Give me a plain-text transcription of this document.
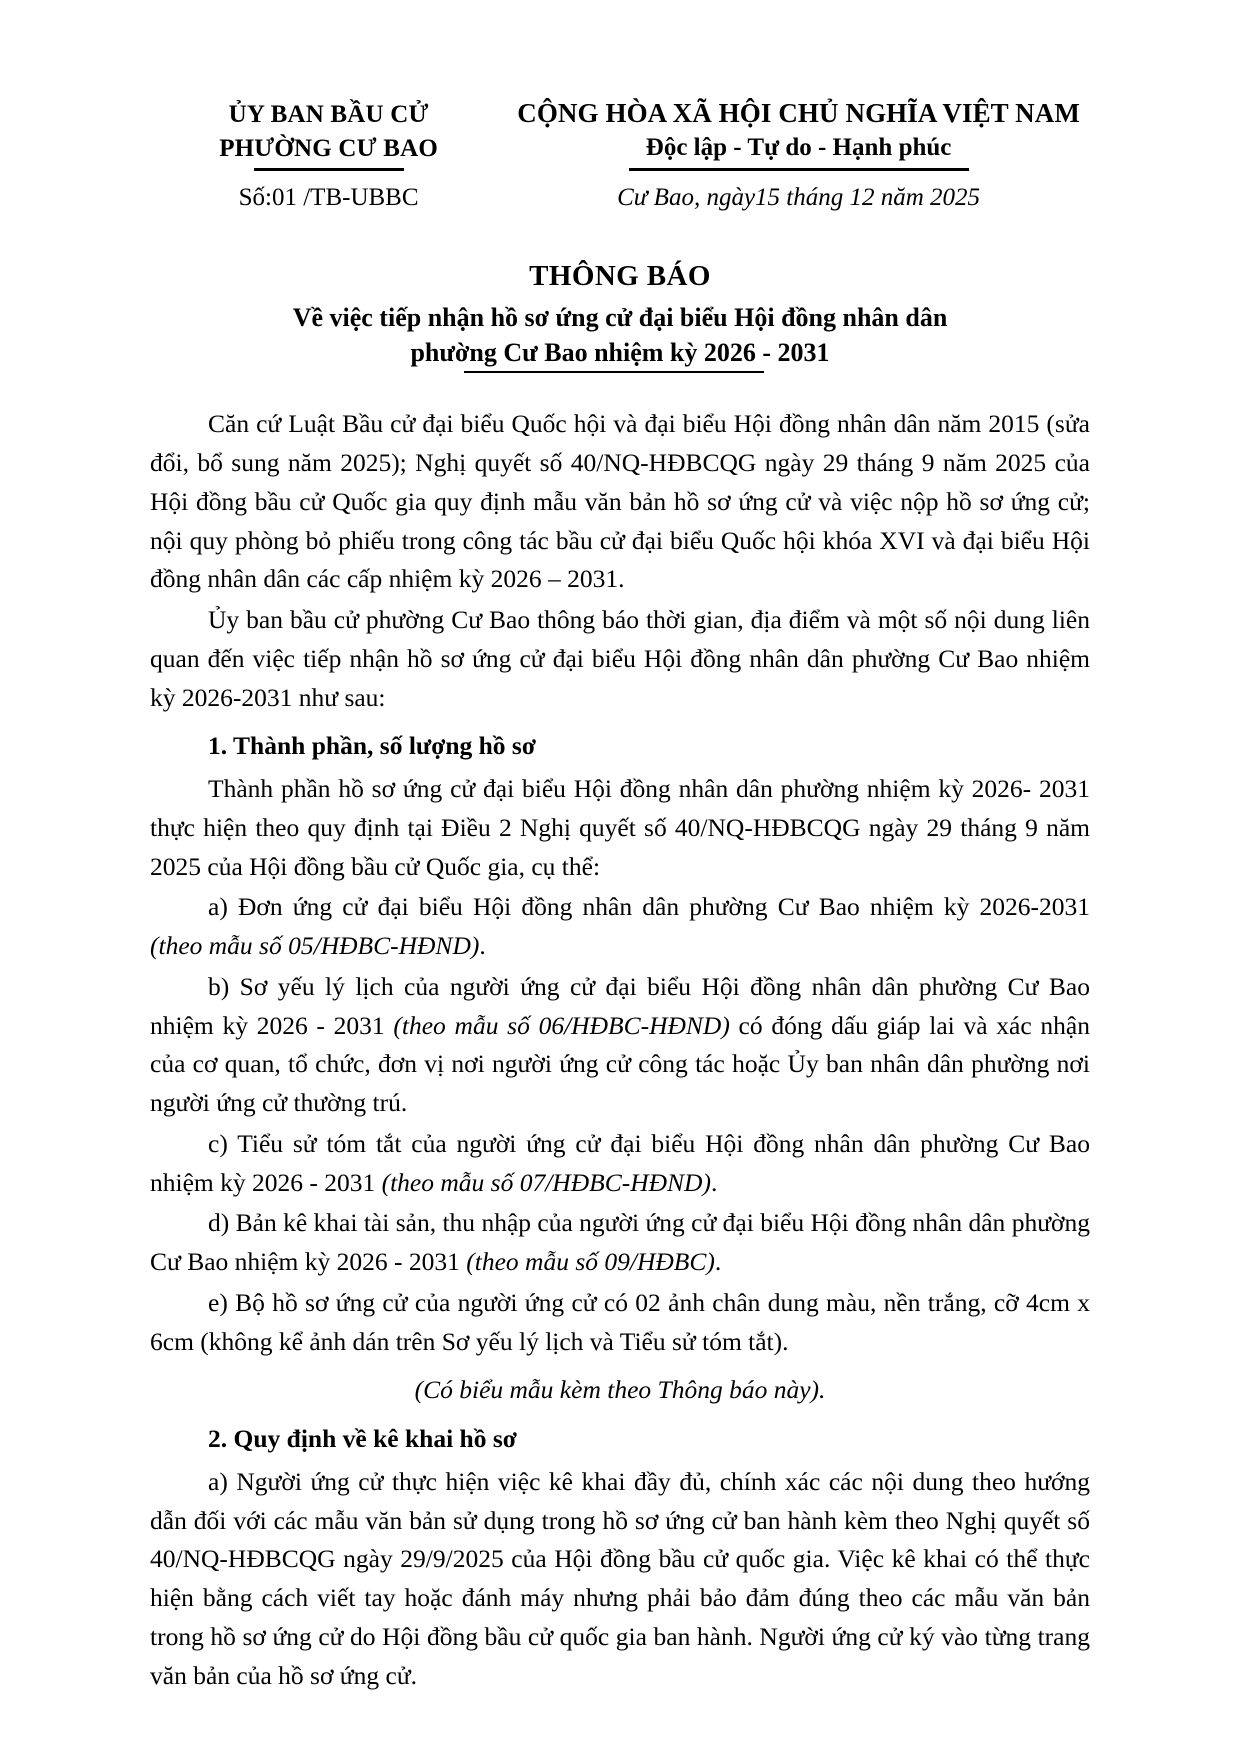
ỦY BAN BẦU CỬ
PHƯỜNG CƯ BAO
Số:01 /TB-UBBC
CỘNG HÒA XÃ HỘI CHỦ NGHĨA VIỆT NAM
Độc lập - Tự do - Hạnh phúc
Cư Bao, ngày15 tháng 12 năm 2025
THÔNG BÁO
Về việc tiếp nhận hồ sơ ứng cử đại biểu Hội đồng nhân dân
phường Cư Bao nhiệm kỳ 2026 - 2031

Căn cứ Luật Bầu cử đại biểu Quốc hội và đại biểu Hội đồng nhân dân năm 2015 (sửa đổi, bổ sung năm 2025); Nghị quyết số 40/NQ-HĐBCQG ngày 29 tháng 9 năm 2025 của Hội đồng bầu cử Quốc gia quy định mẫu văn bản hồ sơ ứng cử và việc nộp hồ sơ ứng cử; nội quy phòng bỏ phiếu trong công tác bầu cử đại biểu Quốc hội khóa XVI và đại biểu Hội đồng nhân dân các cấp nhiệm kỳ 2026 – 2031.

Ủy ban bầu cử phường Cư Bao thông báo thời gian, địa điểm và một số nội dung liên quan đến việc tiếp nhận hồ sơ ứng cử đại biểu Hội đồng nhân dân phường Cư Bao nhiệm kỳ 2026-2031 như sau:

1. Thành phần, số lượng hồ sơ

Thành phần hồ sơ ứng cử đại biểu Hội đồng nhân dân phường nhiệm kỳ 2026- 2031 thực hiện theo quy định tại Điều 2 Nghị quyết số 40/NQ-HĐBCQG ngày 29 tháng 9 năm 2025 của Hội đồng bầu cử Quốc gia, cụ thể:

a) Đơn ứng cử đại biểu Hội đồng nhân dân phường Cư Bao nhiệm kỳ 2026-2031 (theo mẫu số 05/HĐBC-HĐND).

b) Sơ yếu lý lịch của người ứng cử đại biểu Hội đồng nhân dân phường Cư Bao nhiệm kỳ 2026 - 2031 (theo mẫu số 06/HĐBC-HĐND) có đóng dấu giáp lai và xác nhận của cơ quan, tổ chức, đơn vị nơi người ứng cử công tác hoặc Ủy ban nhân dân phường nơi người ứng cử thường trú.

c) Tiểu sử tóm tắt của người ứng cử đại biểu Hội đồng nhân dân phường Cư Bao nhiệm kỳ 2026 - 2031 (theo mẫu số 07/HĐBC-HĐND).

d) Bản kê khai tài sản, thu nhập của người ứng cử đại biểu Hội đồng nhân dân phường Cư Bao nhiệm kỳ 2026 - 2031 (theo mẫu số 09/HĐBC).

e) Bộ hồ sơ ứng cử của người ứng cử có 02 ảnh chân dung màu, nền trắng, cỡ 4cm x 6cm (không kể ảnh dán trên Sơ yếu lý lịch và Tiểu sử tóm tắt).

(Có biểu mẫu kèm theo Thông báo này).

2. Quy định về kê khai hồ sơ

a) Người ứng cử thực hiện việc kê khai đầy đủ, chính xác các nội dung theo hướng dẫn đối với các mẫu văn bản sử dụng trong hồ sơ ứng cử ban hành kèm theo Nghị quyết số 40/NQ-HĐBCQG ngày 29/9/2025 của Hội đồng bầu cử quốc gia. Việc kê khai có thể thực hiện bằng cách viết tay hoặc đánh máy nhưng phải bảo đảm đúng theo các mẫu văn bản trong hồ sơ ứng cử do Hội đồng bầu cử quốc gia ban hành. Người ứng cử ký vào từng trang văn bản của hồ sơ ứng cử.
